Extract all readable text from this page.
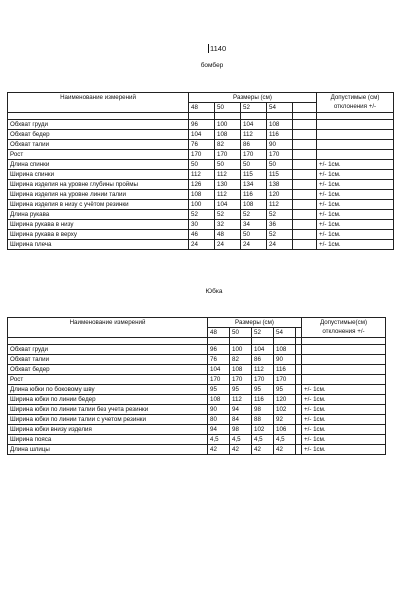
1140
бомбер
Наименование измерений	Размеры (см)					Допустимые (см)
	48	50	52	54		отклонения +/-

Обхват груди	96	100	104	108		
Обхват бедер	104	108	112	116		
Обхват талии	76	82	86	90		
Рост	170	170	170	170		
Длина спинки	50	50	50	50		+/- 1см.
Ширина спинки	112	112	115	115		+/- 1см.
Ширина изделия на уровне глубины проймы	126	130	134	138		+/- 1см.
Ширина изделия на уровне линии талии	108	112	116	120		+/- 1см.
Ширина изделия в низу с учётом резинки	100	104	108	112		+/- 1см.
Длина рукава	52	52	52	52		+/- 1см.
Ширина рукава в низу	30	32	34	36		+/- 1см.
Ширина рукава в верху	46	48	50	52		+/- 1см.
Ширина плеча	24	24	24	24		+/- 1см.
Юбка
Наименование измерений	Размеры (см)					Допустимые(см)
	48	50	52	54		отклонения +/-

Обхват груди	96	100	104	108		
Обхват талии	76	82	86	90		
Обхват бедер	104	108	112	116		
Рост	170	170	170	170		
Длина юбки по боковому шву	95	95	95	95		+/- 1см.
Ширина юбки по линии бедер	108	112	116	120		+/- 1см.
Ширина юбки по линии талии без учета резинки	90	94	98	102		+/- 1см.
Ширина юбки по линии талии с учетом резинки	80	84	88	92		+/- 1см.
Ширина юбки внизу изделия	94	98	102	106		+/- 1см.
Ширина пояса	4,5	4,5	4,5	4,5		+/- 1см.
Длина шлицы	42	42	42	42		+/- 1см.
